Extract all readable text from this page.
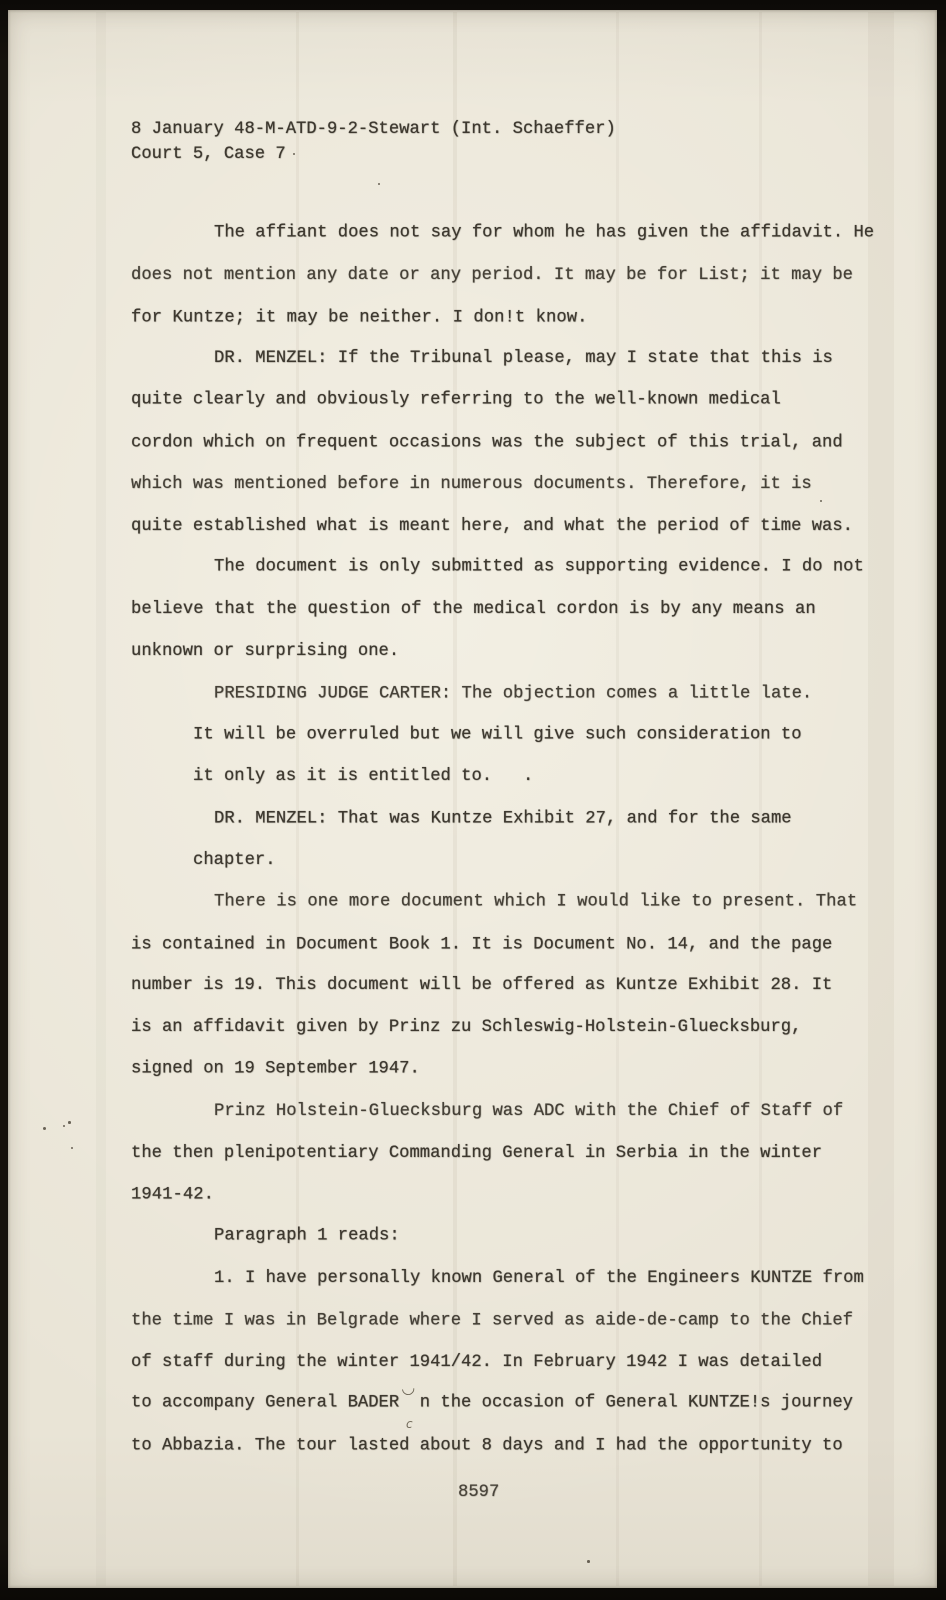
8 January 48-M-ATD-9-2-Stewart (Int. Schaeffer)
Court 5, Case 7
The affiant does not say for whom he has given the affidavit. He
does not mention any date or any period. It may be for List; it may be
for Kuntze; it may be neither. I don!t know.
DR. MENZEL: If the Tribunal please, may I state that this is
quite clearly and obviously referring to the well-known medical
cordon which on frequent occasions was the subject of this trial, and
which was mentioned before in numerous documents. Therefore, it is
quite established what is meant here, and what the period of time was.
The document is only submitted as supporting evidence. I do not
believe that the question of the medical cordon is by any means an
unknown or surprising one.
PRESIDING JUDGE CARTER: The objection comes a little late.
It will be overruled but we will give such consideration to
it only as it is entitled to.   .
DR. MENZEL: That was Kuntze Exhibit 27, and for the same
chapter.
There is one more document which I would like to present. That
is contained in Document Book 1. It is Document No. 14, and the page
number is 19. This document will be offered as Kuntze Exhibit 28. It
is an affidavit given by Prinz zu Schleswig-Holstein-Gluecksburg,
signed on 19 September 1947.
Prinz Holstein-Gluecksburg was ADC with the Chief of Staff of
the then plenipotentiary Commanding General in Serbia in the winter
1941-42.
Paragraph 1 reads:
1. I have personally known General of the Engineers KUNTZE from
the time I was in Belgrade where I served as aide-de-camp to the Chief
of staff during the winter 1941/42. In February 1942 I was detailed
to accompany General BADER  n the occasion of General KUNTZE!s journey
to Abbazia. The tour lasted about 8 days and I had the opportunity to
8597
◡
c
